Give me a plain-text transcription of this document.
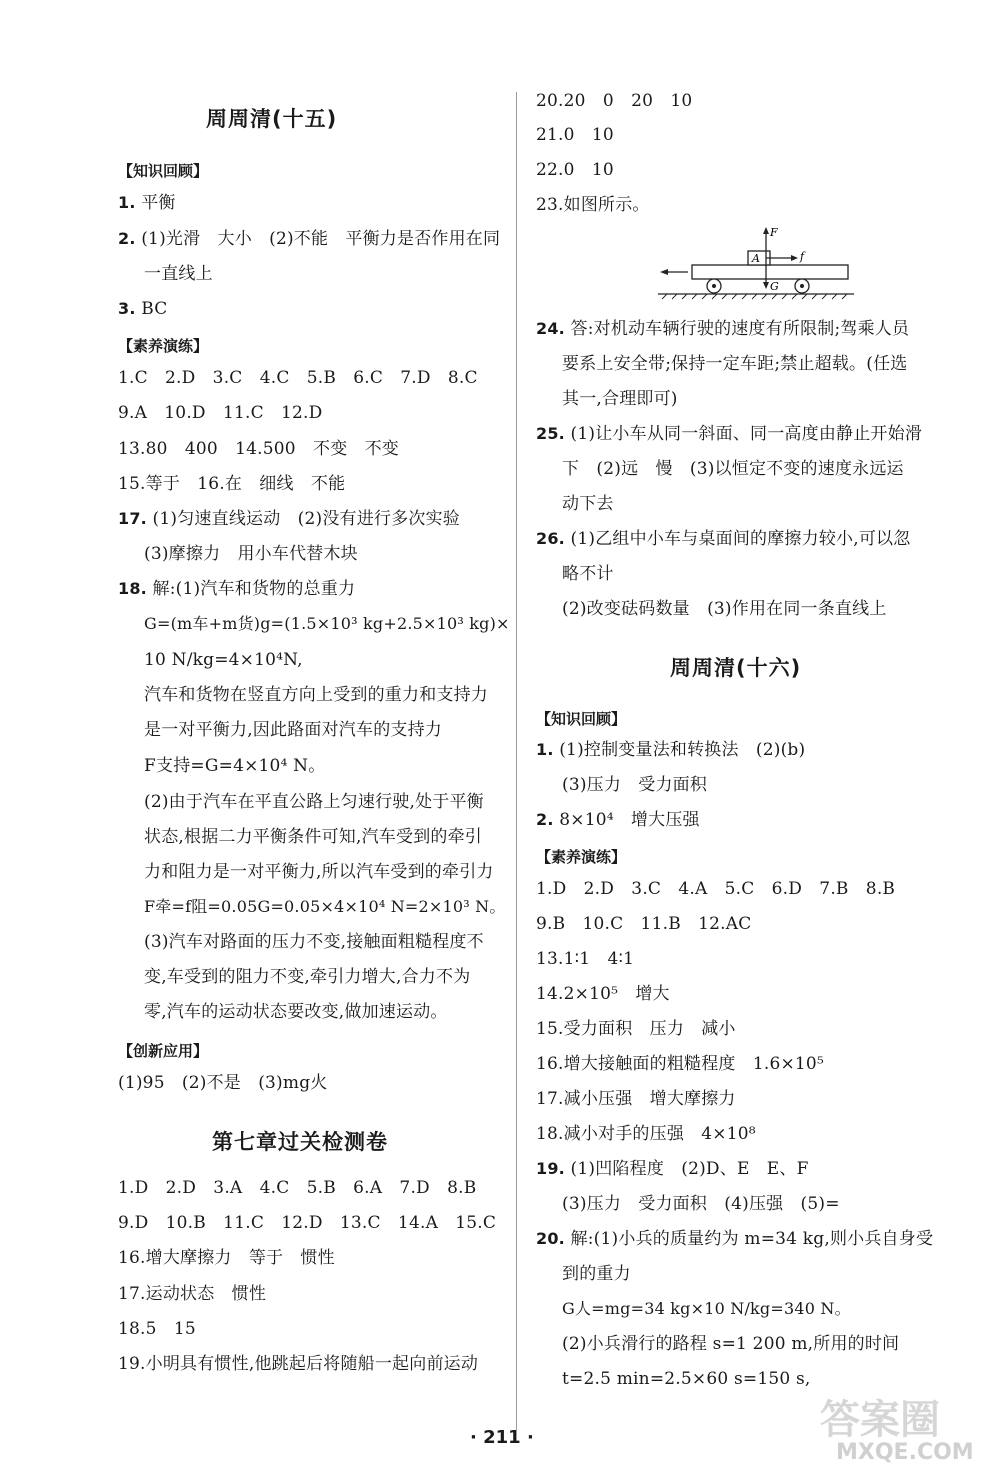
周周清(十五)
【知识回顾】
1. 平衡
2. (1)光滑　大小　(2)不能　平衡力是否作用在同
一直线上
3. BC
【素养演练】
1.C　2.D　3.C　4.C　5.B　6.C　7.D　8.C
9.A　10.D　11.C　12.D
13.80　400　14.500　不变　不变
15.等于　16.在　细线　不能
17. (1)匀速直线运动　(2)没有进行多次实验
(3)摩擦力　用小车代替木块
18. 解:(1)汽车和货物的总重力
G=(m车+m货)g=(1.5×10³ kg+2.5×10³ kg)×
10 N/kg=4×10⁴N,
汽车和货物在竖直方向上受到的重力和支持力
是一对平衡力,因此路面对汽车的支持力
F支持=G=4×10⁴ N。
(2)由于汽车在平直公路上匀速行驶,处于平衡
状态,根据二力平衡条件可知,汽车受到的牵引
力和阻力是一对平衡力,所以汽车受到的牵引力
F牵=f阻=0.05G=0.05×4×10⁴ N=2×10³ N。
(3)汽车对路面的压力不变,接触面粗糙程度不
变,车受到的阻力不变,牵引力增大,合力不为
零,汽车的运动状态要改变,做加速运动。
【创新应用】
(1)95　(2)不是　(3)mg火
第七章过关检测卷
1.D　2.D　3.A　4.C　5.B　6.A　7.D　8.B
9.D　10.B　11.C　12.D　13.C　14.A　15.C
16.增大摩擦力　等于　惯性
17.运动状态　惯性
18.5　15
19.小明具有惯性,他跳起后将随船一起向前运动
20.20　0　20　10
21.0　10
22.0　10
23.如图所示。
A
F
f
G
24. 答:对机动车辆行驶的速度有所限制;驾乘人员
要系上安全带;保持一定车距;禁止超载。(任选
其一,合理即可)
25. (1)让小车从同一斜面、同一高度由静止开始滑
下　(2)远　慢　(3)以恒定不变的速度永远运
动下去
26. (1)乙组中小车与桌面间的摩擦力较小,可以忽
略不计
(2)改变砝码数量　(3)作用在同一条直线上
周周清(十六)
【知识回顾】
1. (1)控制变量法和转换法　(2)(b)
(3)压力　受力面积
2. 8×10⁴　增大压强
【素养演练】
1.D　2.D　3.C　4.A　5.C　6.D　7.B　8.B
9.B　10.C　11.B　12.AC
13.1∶1　4∶1
14.2×10⁵　增大
15.受力面积　压力　减小
16.增大接触面的粗糙程度　1.6×10⁵
17.减小压强　增大摩擦力
18.减小对手的压强　4×10⁸
19. (1)凹陷程度　(2)D、E　E、F
(3)压力　受力面积　(4)压强　(5)=
20. 解:(1)小兵的质量约为 m=34 kg,则小兵自身受
到的重力
G人=mg=34 kg×10 N/kg=340 N。
(2)小兵滑行的路程 s=1 200 m,所用的时间
t=2.5 min=2.5×60 s=150 s,
· 211 ·	答案圈
MXQE.COM
